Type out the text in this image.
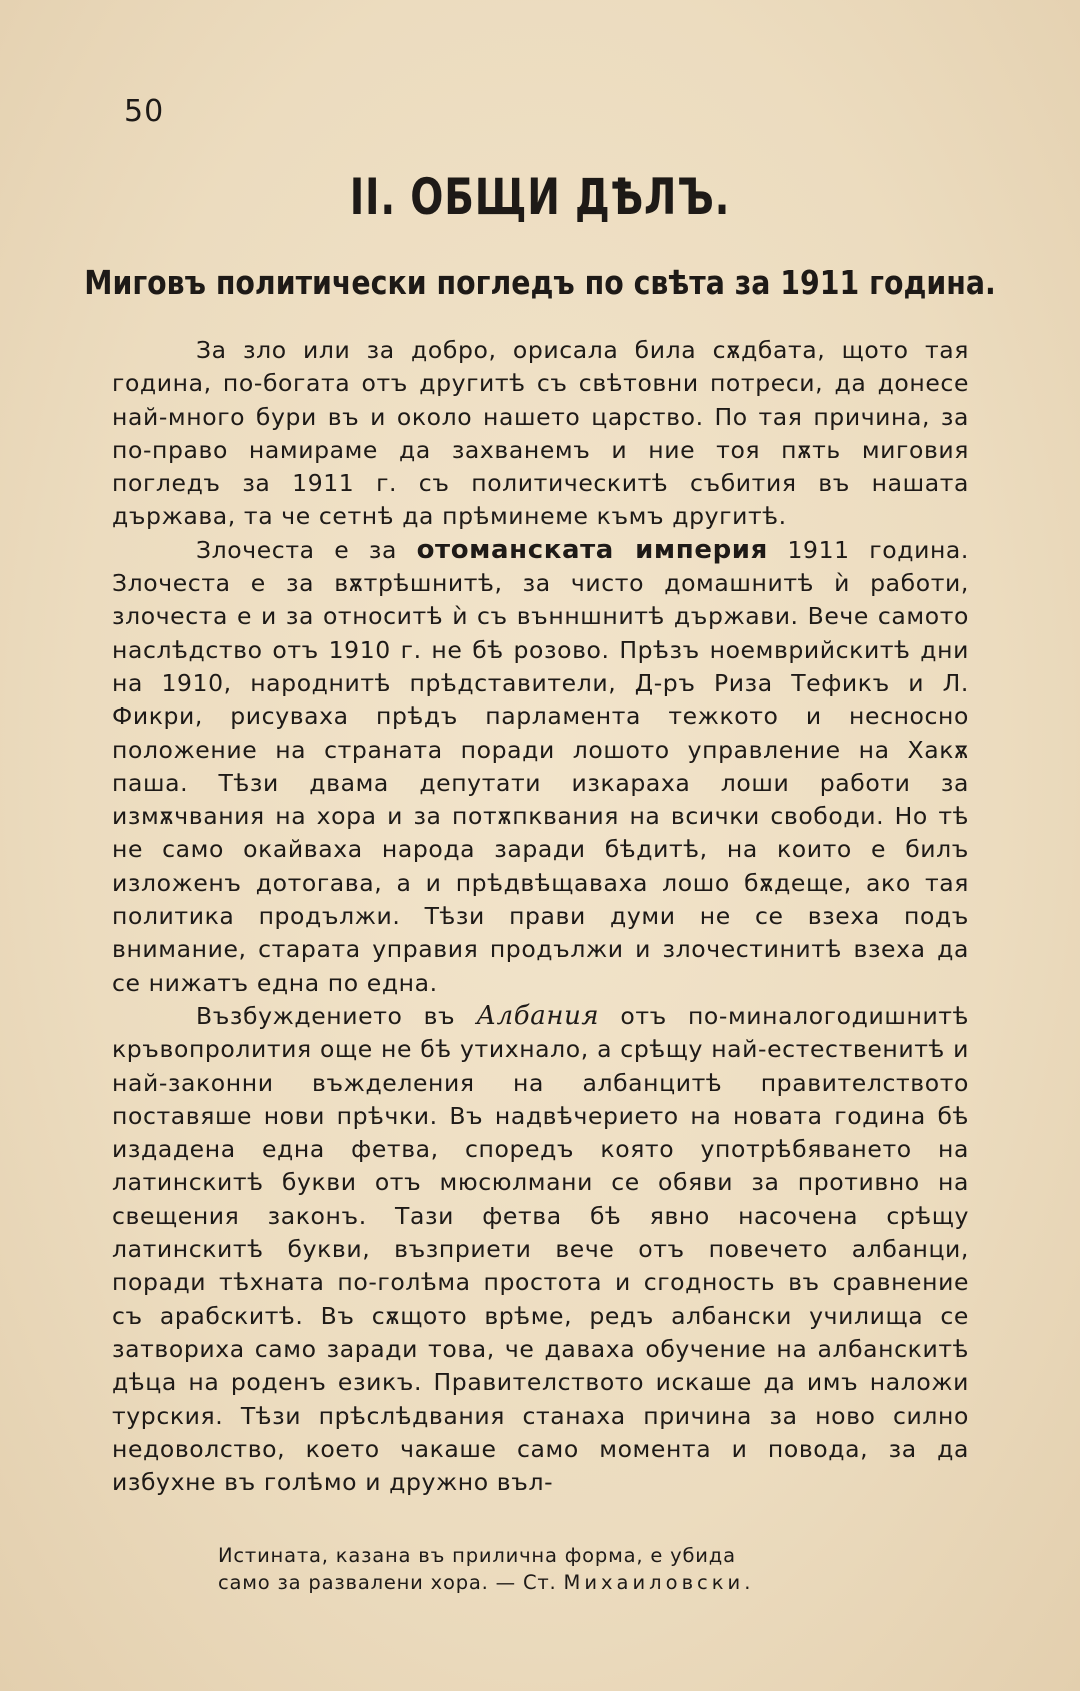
50
II. ОБЩИ ДѢЛЪ.
Миговъ политически погледъ по свѣта за 1911 година.

За зло или за добро, орисала била сѫдбата, щото тая година, по-богата отъ другитѣ съ свѣтовни потреси, да донесе най-много бури въ и около нашето царство. По тая причина, за по-право намираме да захванемъ и ние тоя пѫть миговия погледъ за 1911 г. съ политическитѣ събития въ нашата държава, та че сетнѣ да прѣминеме къмъ другитѣ.

Злочеста е за отоманската империя 1911 година. Злочеста е за вѫтрѣшнитѣ, за чисто домашнитѣ ѝ работи, злочеста е и за относитѣ ѝ съ вънншнитѣ държави. Вече самото наслѣдство отъ 1910 г. не бѣ розово. Прѣзъ ноемврийскитѣ дни на 1910, народнитѣ прѣдставители, Д-ръ Риза Тефикъ и Л. Фикри, рисуваха прѣдъ парламента тежкото и несносно положение на страната поради лошото управление на Хакѫ паша. Тѣзи двама депутати изкараха лоши работи за измѫчвания на хора и за потѫпквания на всички свободи. Но тѣ не само окайваха народа заради бѣдитѣ, на които е билъ изложенъ дотогава, а и прѣдвѣщаваха лошо бѫдеще, ако тая политика продължи. Тѣзи прави думи не се взеха подъ внимание, старата управия продължи и злочестинитѣ взеха да се нижатъ една по една.

Възбуждението въ Албания отъ по-миналогодишнитѣ кръвопролития още не бѣ утихнало, а срѣщу най-естественитѣ и най-законни въжделения на албанцитѣ правителството поставяше нови прѣчки. Въ надвѣчерието на новата година бѣ издадена една фетва, споредъ която употрѣбяването на латинскитѣ букви отъ мюсюлмани се обяви за противно на свещения законъ. Тази фетва бѣ явно насочена срѣщу латинскитѣ букви, възприети вече отъ повечето албанци, поради тѣхната по-голѣма простота и сгодность въ сравнение съ арабскитѣ. Въ сѫщото врѣме, редъ албански училища се затвориха само заради това, че даваха обучение на албанскитѣ дѣца на роденъ езикъ. Правителството искаше да имъ наложи турския. Тѣзи прѣслѣдвания станаха причина за ново силно недоволство, което чакаше само момента и повода, за да избухне въ голѣмо и дружно въл-

Истината, казана въ прилична форма, е убида
само за развалени хора. — Ст. Михаиловски.
